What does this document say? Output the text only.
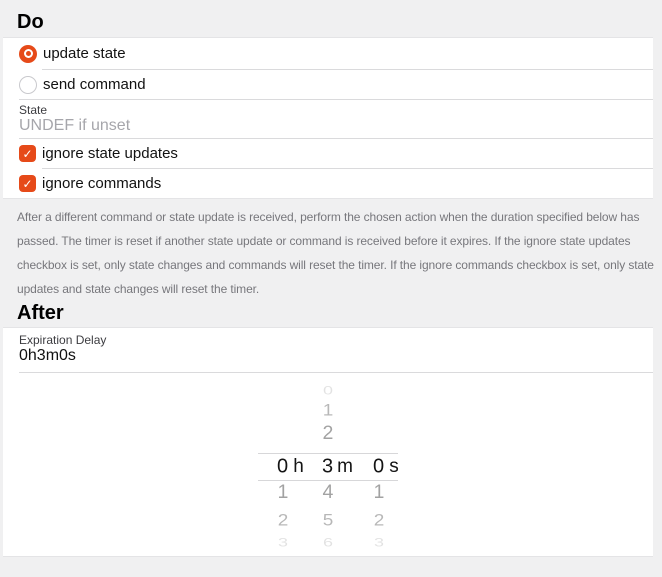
Do
update state
send command
State
UNDEF if unset
✓ ignore state updates
✓ ignore commands
After a different command or state update is received, perform the chosen action when the duration specified below has
passed. The timer is reset if another state update or command is received before it expires. If the ignore state updates
checkbox is set, only state changes and commands will reset the timer. If the ignore commands checkbox is set, only state
updates and state changes will reset the timer.
After
Expiration Delay
0h3m0s
0 h
1
2
3
3 m
0
1
2
4
5
6
0 s
1
2
3
